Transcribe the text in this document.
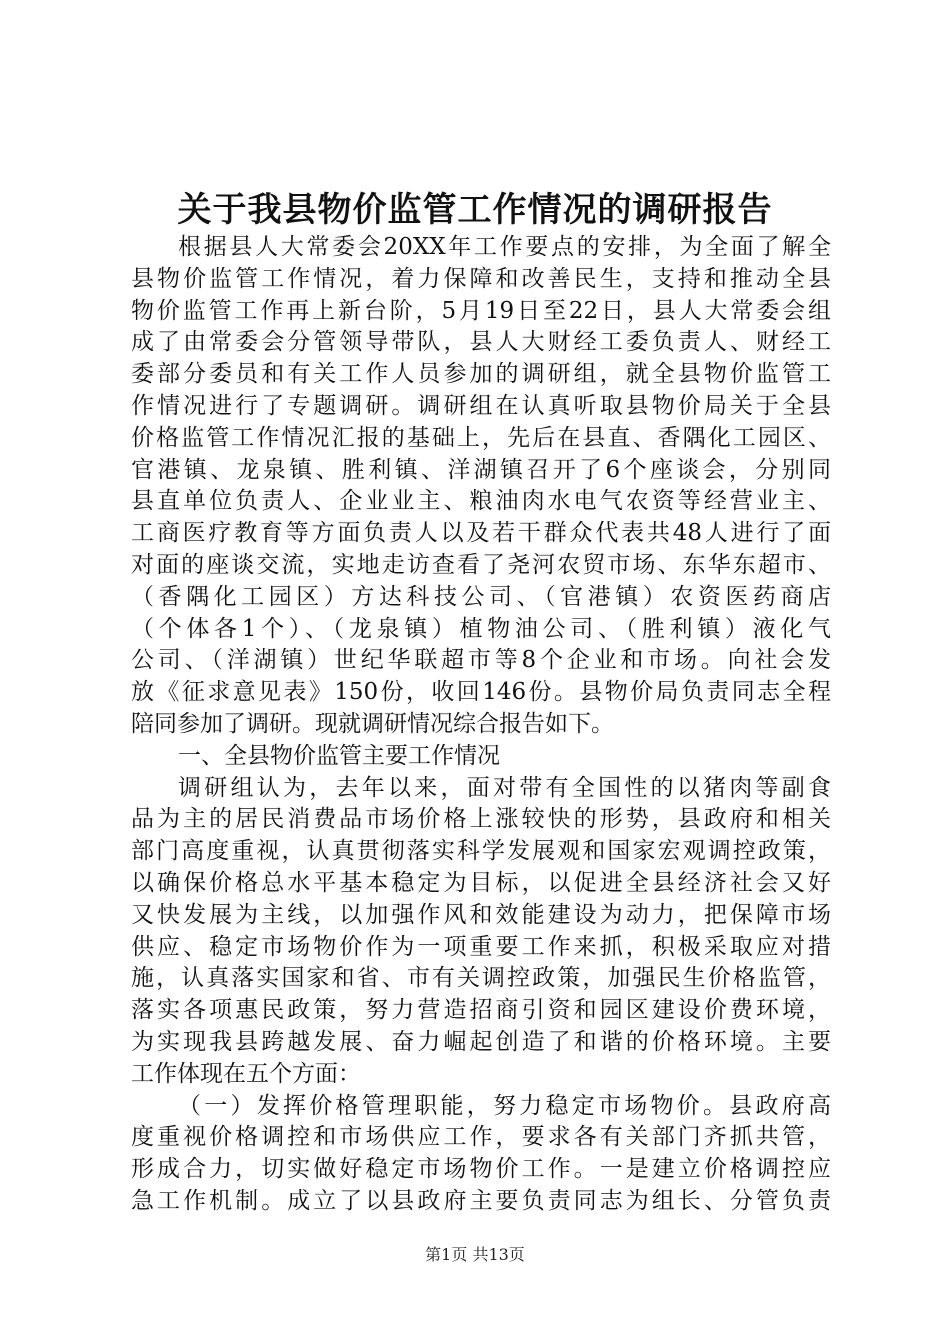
关于我县物价监管工作情况的调研报告
根据县人大常委会20XX年工作要点的安排，为全面了解全
县物价监管工作情况，着力保障和改善民生，支持和推动全县
物价监管工作再上新台阶，5月19日至22日，县人大常委会组
成了由常委会分管领导带队，县人大财经工委负责人、财经工
委部分委员和有关工作人员参加的调研组，就全县物价监管工
作情况进行了专题调研。调研组在认真听取县物价局关于全县
价格监管工作情况汇报的基础上，先后在县直、香隅化工园区、
官港镇、龙泉镇、胜利镇、洋湖镇召开了6个座谈会，分别同
县直单位负责人、企业业主、粮油肉水电气农资等经营业主、
工商医疗教育等方面负责人以及若干群众代表共48人进行了面
对面的座谈交流，实地走访查看了尧河农贸市场、东华东超市、
（香隅化工园区）方达科技公司、（官港镇）农资医药商店
（个体各1个）、（龙泉镇）植物油公司、（胜利镇）液化气
公司、（洋湖镇）世纪华联超市等8个企业和市场。向社会发
放《征求意见表》150份，收回146份。县物价局负责同志全程
陪同参加了调研。现就调研情况综合报告如下。
一、全县物价监管主要工作情况
调研组认为，去年以来，面对带有全国性的以猪肉等副食
品为主的居民消费品市场价格上涨较快的形势，县政府和相关
部门高度重视，认真贯彻落实科学发展观和国家宏观调控政策，
以确保价格总水平基本稳定为目标，以促进全县经济社会又好
又快发展为主线，以加强作风和效能建设为动力，把保障市场
供应、稳定市场物价作为一项重要工作来抓，积极采取应对措
施，认真落实国家和省、市有关调控政策，加强民生价格监管，
落实各项惠民政策，努力营造招商引资和园区建设价费环境，
为实现我县跨越发展、奋力崛起创造了和谐的价格环境。主要
工作体现在五个方面：
（一）发挥价格管理职能，努力稳定市场物价。县政府高
度重视价格调控和市场供应工作，要求各有关部门齐抓共管，
形成合力，切实做好稳定市场物价工作。一是建立价格调控应
急工作机制。成立了以县政府主要负责同志为组长、分管负责
第1页 共13页
